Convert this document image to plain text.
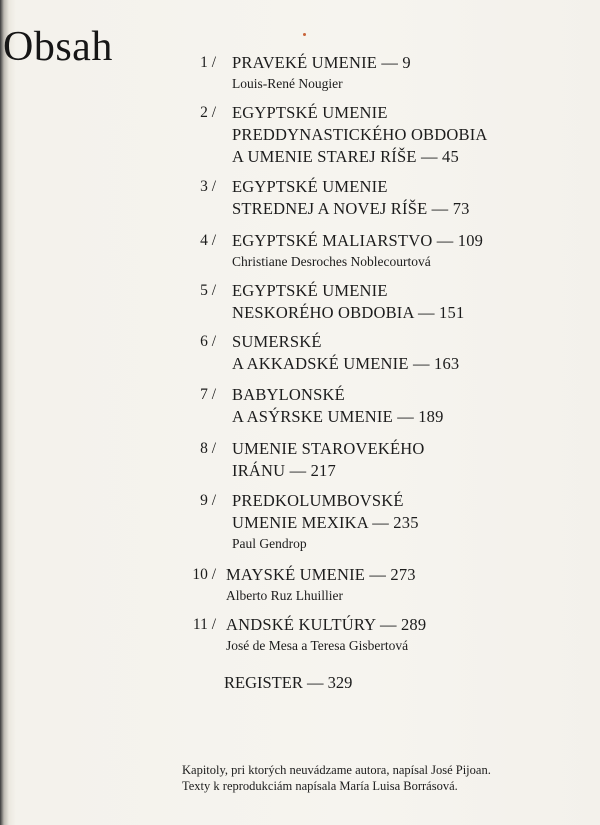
Obsah	1 / PRAVEKÉ UMENIE — 9
Louis-René Nougier
2 / EGYPTSKÉ UMENIE
PREDDYNASTICKÉHO OBDOBIA
A UMENIE STAREJ RÍŠE — 45
3 / EGYPTSKÉ UMENIE
STREDNEJ A NOVEJ RÍŠE — 73
4 / EGYPTSKÉ MALIARSTVO — 109
Christiane Desroches Noblecourtová
5 / EGYPTSKÉ UMENIE
NESKORÉHO OBDOBIA — 151
6 / SUMERSKÉ
A AKKADSKÉ UMENIE — 163
7 / BABYLONSKÉ
A ASÝRSKE UMENIE — 189
8 / UMENIE STAROVEKÉHO
IRÁNU — 217
9 / PREDKOLUMBOVSKÉ
UMENIE MEXIKA — 235
Paul Gendrop
10 / MAYSKÉ UMENIE — 273
Alberto Ruz Lhuillier
11 / ANDSKÉ KULTÚRY — 289
José de Mesa a Teresa Gisbertová
REGISTER — 329
Kapitoly, pri ktorých neuvádzame autora, napísal José Pijoan.
Texty k reprodukciám napísala María Luisa Borrásová.
